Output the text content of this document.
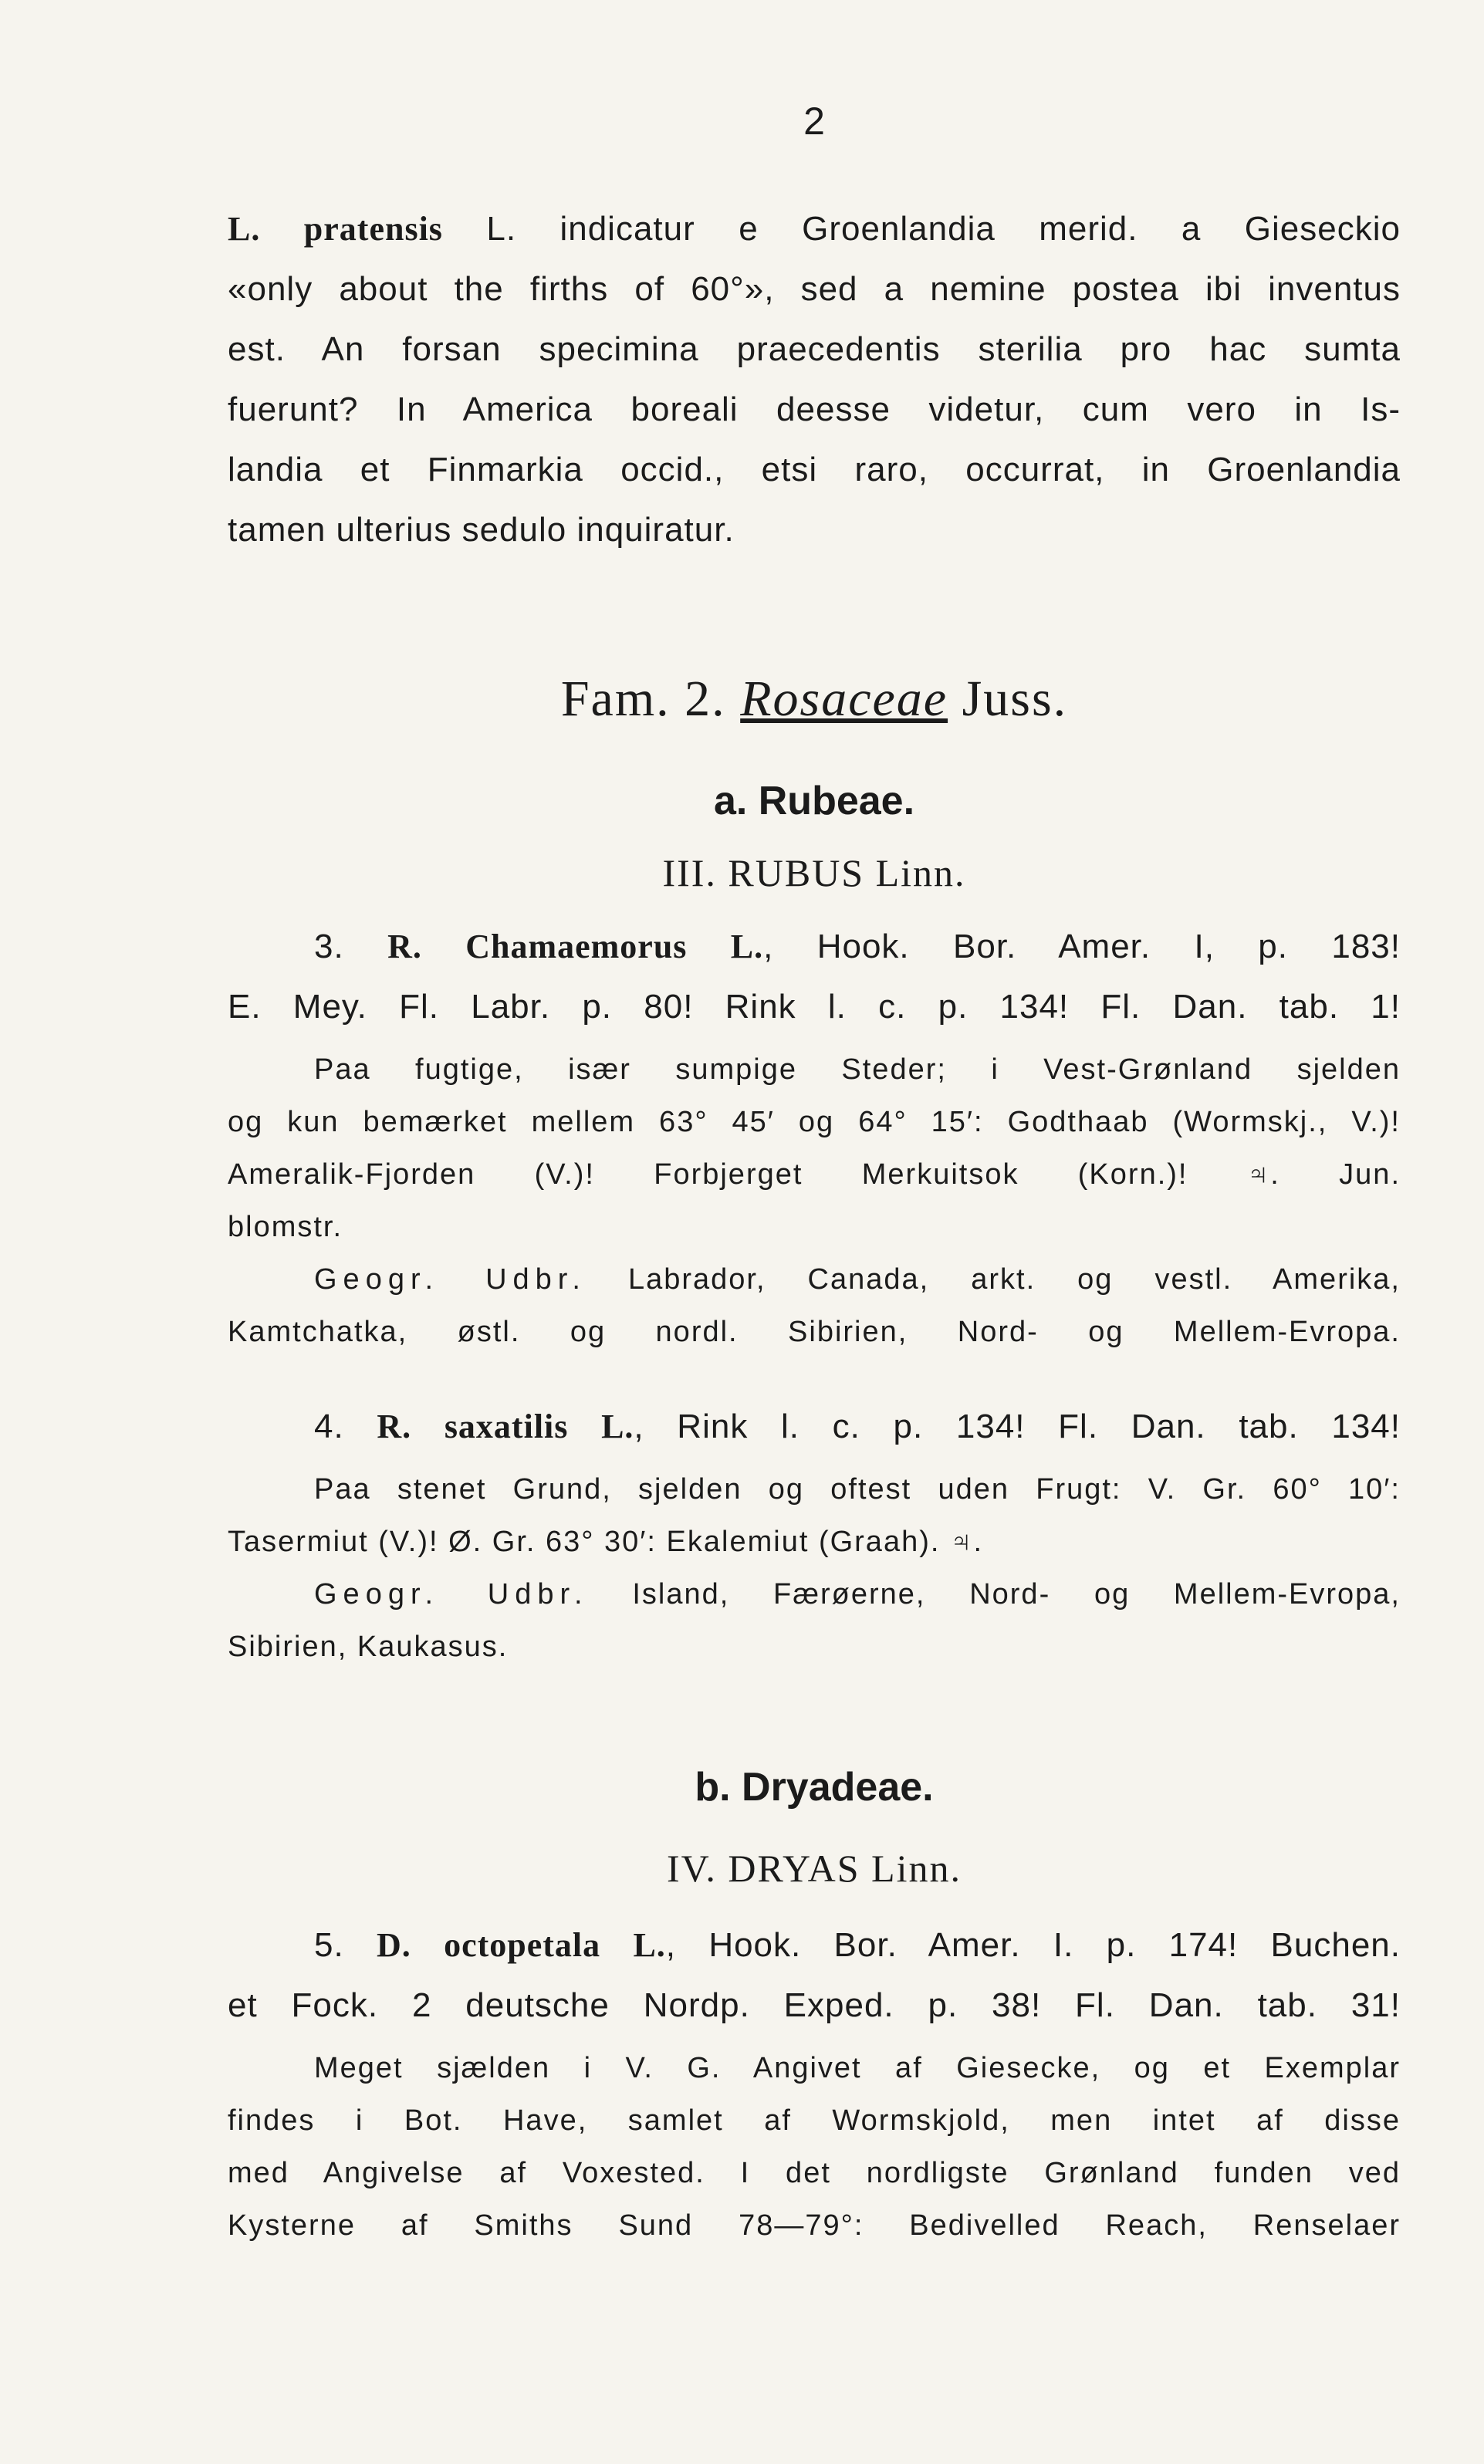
2
L. pratensis L. indicatur e Groenlandia merid. a Gieseckio
«only about the firths of 60°», sed a nemine postea ibi inventus
est. An forsan specimina praecedentis sterilia pro hac sumta
fuerunt? In America boreali deesse videtur, cum vero in Is-
landia et Finmarkia occid., etsi raro, occurrat, in Groenlandia
tamen ulterius sedulo inquiratur.
Fam. 2. Rosaceae Juss.
a. Rubeae.
III. RUBUS Linn.
3. R. Chamaemorus L., Hook. Bor. Amer. I, p. 183!
E. Mey. Fl. Labr. p. 80! Rink l. c. p. 134! Fl. Dan. tab. 1!
Paa fugtige, især sumpige Steder; i Vest-Grønland sjelden
og kun bemærket mellem 63° 45′ og 64° 15′: Godthaab (Wormskj., V.)!
Ameralik-Fjorden (V.)! Forbjerget Merkuitsok (Korn.)! ♃. Jun.
blomstr.
Geogr. Udbr. Labrador, Canada, arkt. og vestl. Amerika,
Kamtchatka, østl. og nordl. Sibirien, Nord- og Mellem-Evropa.
4. R. saxatilis L., Rink l. c. p. 134! Fl. Dan. tab. 134!
Paa stenet Grund, sjelden og oftest uden Frugt: V. Gr. 60° 10′:
Tasermiut (V.)! Ø. Gr. 63° 30′: Ekalemiut (Graah). ♃.
Geogr. Udbr. Island, Færøerne, Nord- og Mellem-Evropa,
Sibirien, Kaukasus.
b. Dryadeae.
IV. DRYAS Linn.
5. D. octopetala L., Hook. Bor. Amer. I. p. 174! Buchen.
et Fock. 2 deutsche Nordp. Exped. p. 38! Fl. Dan. tab. 31!
Meget sjælden i V. G. Angivet af Giesecke, og et Exemplar
findes i Bot. Have, samlet af Wormskjold, men intet af disse
med Angivelse af Voxested. I det nordligste Grønland funden ved
Kysterne af Smiths Sund 78—79°: Bedivelled Reach, Renselaer
